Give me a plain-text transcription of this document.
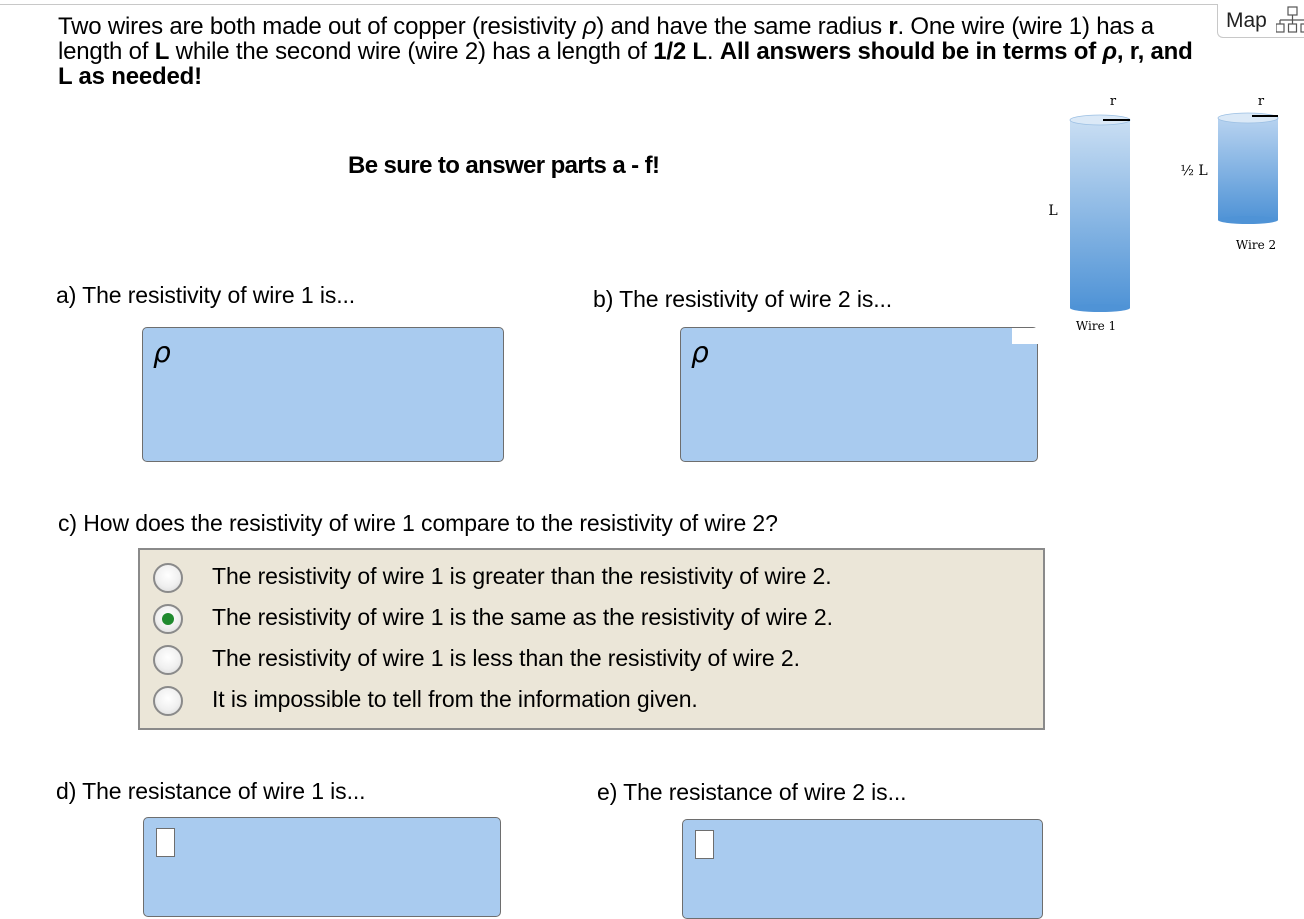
Two wires are both made out of copper (resistivity ρ) and have the same radius r. One wire (wire 1) has a
length of L while the second wire (wire 2) has a length of 1/2 L. All answers should be in terms of ρ, r, and
L as needed!
Map
Be sure to answer parts a - f!
a) The resistivity of wire 1 is...
ρ
b) The resistivity of wire 2 is...
ρ
c) How does the resistivity of wire 1 compare to the resistivity of wire 2?
The resistivity of wire 1 is greater than the resistivity of wire 2.
The resistivity of wire 1 is the same as the resistivity of wire 2.
The resistivity of wire 1 is less than the resistivity of wire 2.
It is impossible to tell from the information given.
d) The resistance of wire 1 is...	e) The resistance of wire 2 is...
r
L
Wire 1
r
½ L
Wire 2
